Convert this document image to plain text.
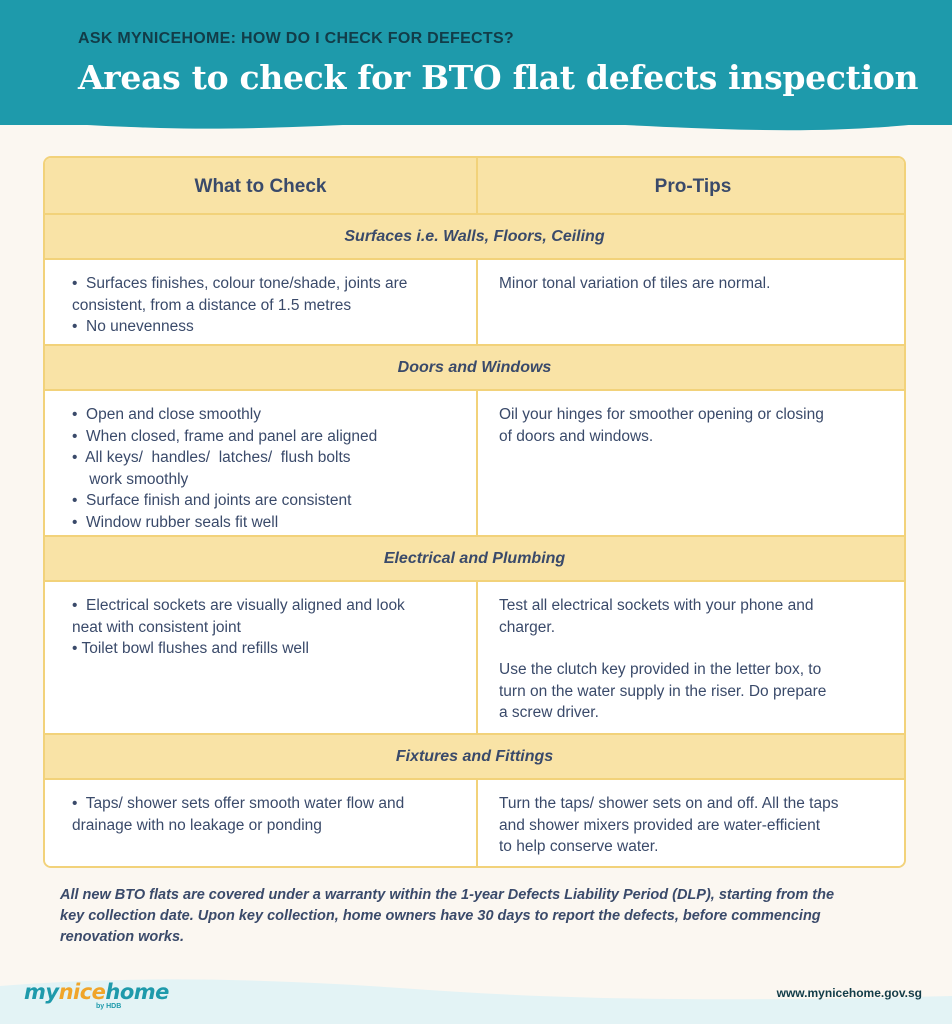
ASK MYNICEHOME: HOW DO I CHECK FOR DEFECTS?
Areas to check for BTO flat defects inspection
What to Check	Pro-Tips
Surfaces i.e. Walls, Floors, Ceiling
•  Surfaces finishes, colour tone/shade, joints are
consistent, from a distance of 1.5 metres
•  No unevenness
Minor tonal variation of tiles are normal.
Doors and Windows
•  Open and close smoothly
•  When closed, frame and panel are aligned
•  All keys/  handles/  latches/  flush bolts
work smoothly
•  Surface finish and joints are consistent
•  Window rubber seals fit well
Oil your hinges for smoother opening or closing
of doors and windows.
Electrical and Plumbing
•  Electrical sockets are visually aligned and look
neat with consistent joint
• Toilet bowl flushes and refills well
Test all electrical sockets with your phone and
charger.
Use the clutch key provided in the letter box, to
turn on the water supply in the riser. Do prepare
a screw driver.
Fixtures and Fittings
•  Taps/ shower sets offer smooth water flow and
drainage with no leakage or ponding
Turn the taps/ shower sets on and off. All the taps
and shower mixers provided are water-efficient
to help conserve water.
All new BTO flats are covered under a warranty within the 1-year Defects Liability Period (DLP), starting from the
key collection date. Upon key collection, home owners have 30 days to report the defects, before commencing
renovation works.
mynicehome
by HDB
www.mynicehome.gov.sg
